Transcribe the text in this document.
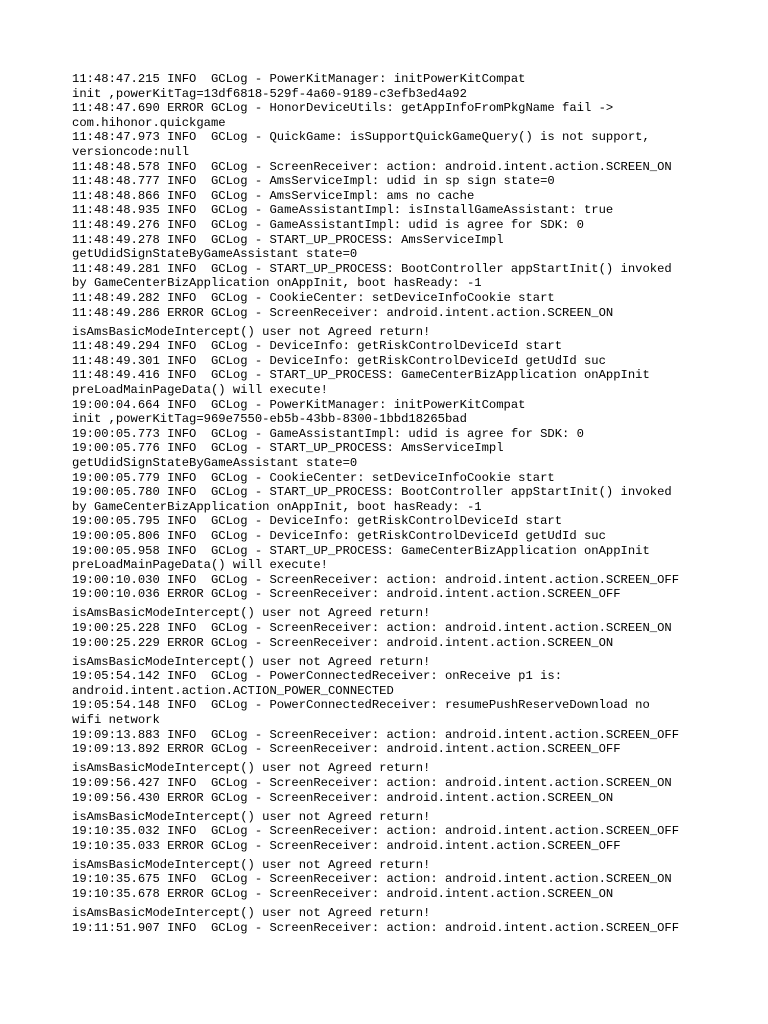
11:48:47.215 INFO  GCLog - PowerKitManager: initPowerKitCompat
init ,powerKitTag=13df6818-529f-4a60-9189-c3efb3ed4a92
11:48:47.690 ERROR GCLog - HonorDeviceUtils: getAppInfoFromPkgName fail ->
com.hihonor.quickgame
11:48:47.973 INFO  GCLog - QuickGame: isSupportQuickGameQuery() is not support,
versioncode:null
11:48:48.578 INFO  GCLog - ScreenReceiver: action: android.intent.action.SCREEN_ON
11:48:48.777 INFO  GCLog - AmsServiceImpl: udid in sp sign state=0
11:48:48.866 INFO  GCLog - AmsServiceImpl: ams no cache
11:48:48.935 INFO  GCLog - GameAssistantImpl: isInstallGameAssistant: true
11:48:49.276 INFO  GCLog - GameAssistantImpl: udid is agree for SDK: 0
11:48:49.278 INFO  GCLog - START_UP_PROCESS: AmsServiceImpl
getUdidSignStateByGameAssistant state=0
11:48:49.281 INFO  GCLog - START_UP_PROCESS: BootController appStartInit() invoked
by GameCenterBizApplication onAppInit, boot hasReady: -1
11:48:49.282 INFO  GCLog - CookieCenter: setDeviceInfoCookie start
11:48:49.286 ERROR GCLog - ScreenReceiver: android.intent.action.SCREEN_ON
isAmsBasicModeIntercept() user not Agreed return!
11:48:49.294 INFO  GCLog - DeviceInfo: getRiskControlDeviceId start
11:48:49.301 INFO  GCLog - DeviceInfo: getRiskControlDeviceId getUdId suc
11:48:49.416 INFO  GCLog - START_UP_PROCESS: GameCenterBizApplication onAppInit
preLoadMainPageData() will execute!
19:00:04.664 INFO  GCLog - PowerKitManager: initPowerKitCompat
init ,powerKitTag=969e7550-eb5b-43bb-8300-1bbd18265bad
19:00:05.773 INFO  GCLog - GameAssistantImpl: udid is agree for SDK: 0
19:00:05.776 INFO  GCLog - START_UP_PROCESS: AmsServiceImpl
getUdidSignStateByGameAssistant state=0
19:00:05.779 INFO  GCLog - CookieCenter: setDeviceInfoCookie start
19:00:05.780 INFO  GCLog - START_UP_PROCESS: BootController appStartInit() invoked
by GameCenterBizApplication onAppInit, boot hasReady: -1
19:00:05.795 INFO  GCLog - DeviceInfo: getRiskControlDeviceId start
19:00:05.806 INFO  GCLog - DeviceInfo: getRiskControlDeviceId getUdId suc
19:00:05.958 INFO  GCLog - START_UP_PROCESS: GameCenterBizApplication onAppInit
preLoadMainPageData() will execute!
19:00:10.030 INFO  GCLog - ScreenReceiver: action: android.intent.action.SCREEN_OFF
19:00:10.036 ERROR GCLog - ScreenReceiver: android.intent.action.SCREEN_OFF
isAmsBasicModeIntercept() user not Agreed return!
19:00:25.228 INFO  GCLog - ScreenReceiver: action: android.intent.action.SCREEN_ON
19:00:25.229 ERROR GCLog - ScreenReceiver: android.intent.action.SCREEN_ON
isAmsBasicModeIntercept() user not Agreed return!
19:05:54.142 INFO  GCLog - PowerConnectedReceiver: onReceive p1 is:
android.intent.action.ACTION_POWER_CONNECTED
19:05:54.148 INFO  GCLog - PowerConnectedReceiver: resumePushReserveDownload no
wifi network
19:09:13.883 INFO  GCLog - ScreenReceiver: action: android.intent.action.SCREEN_OFF
19:09:13.892 ERROR GCLog - ScreenReceiver: android.intent.action.SCREEN_OFF
isAmsBasicModeIntercept() user not Agreed return!
19:09:56.427 INFO  GCLog - ScreenReceiver: action: android.intent.action.SCREEN_ON
19:09:56.430 ERROR GCLog - ScreenReceiver: android.intent.action.SCREEN_ON
isAmsBasicModeIntercept() user not Agreed return!
19:10:35.032 INFO  GCLog - ScreenReceiver: action: android.intent.action.SCREEN_OFF
19:10:35.033 ERROR GCLog - ScreenReceiver: android.intent.action.SCREEN_OFF
isAmsBasicModeIntercept() user not Agreed return!
19:10:35.675 INFO  GCLog - ScreenReceiver: action: android.intent.action.SCREEN_ON
19:10:35.678 ERROR GCLog - ScreenReceiver: android.intent.action.SCREEN_ON
isAmsBasicModeIntercept() user not Agreed return!
19:11:51.907 INFO  GCLog - ScreenReceiver: action: android.intent.action.SCREEN_OFF
